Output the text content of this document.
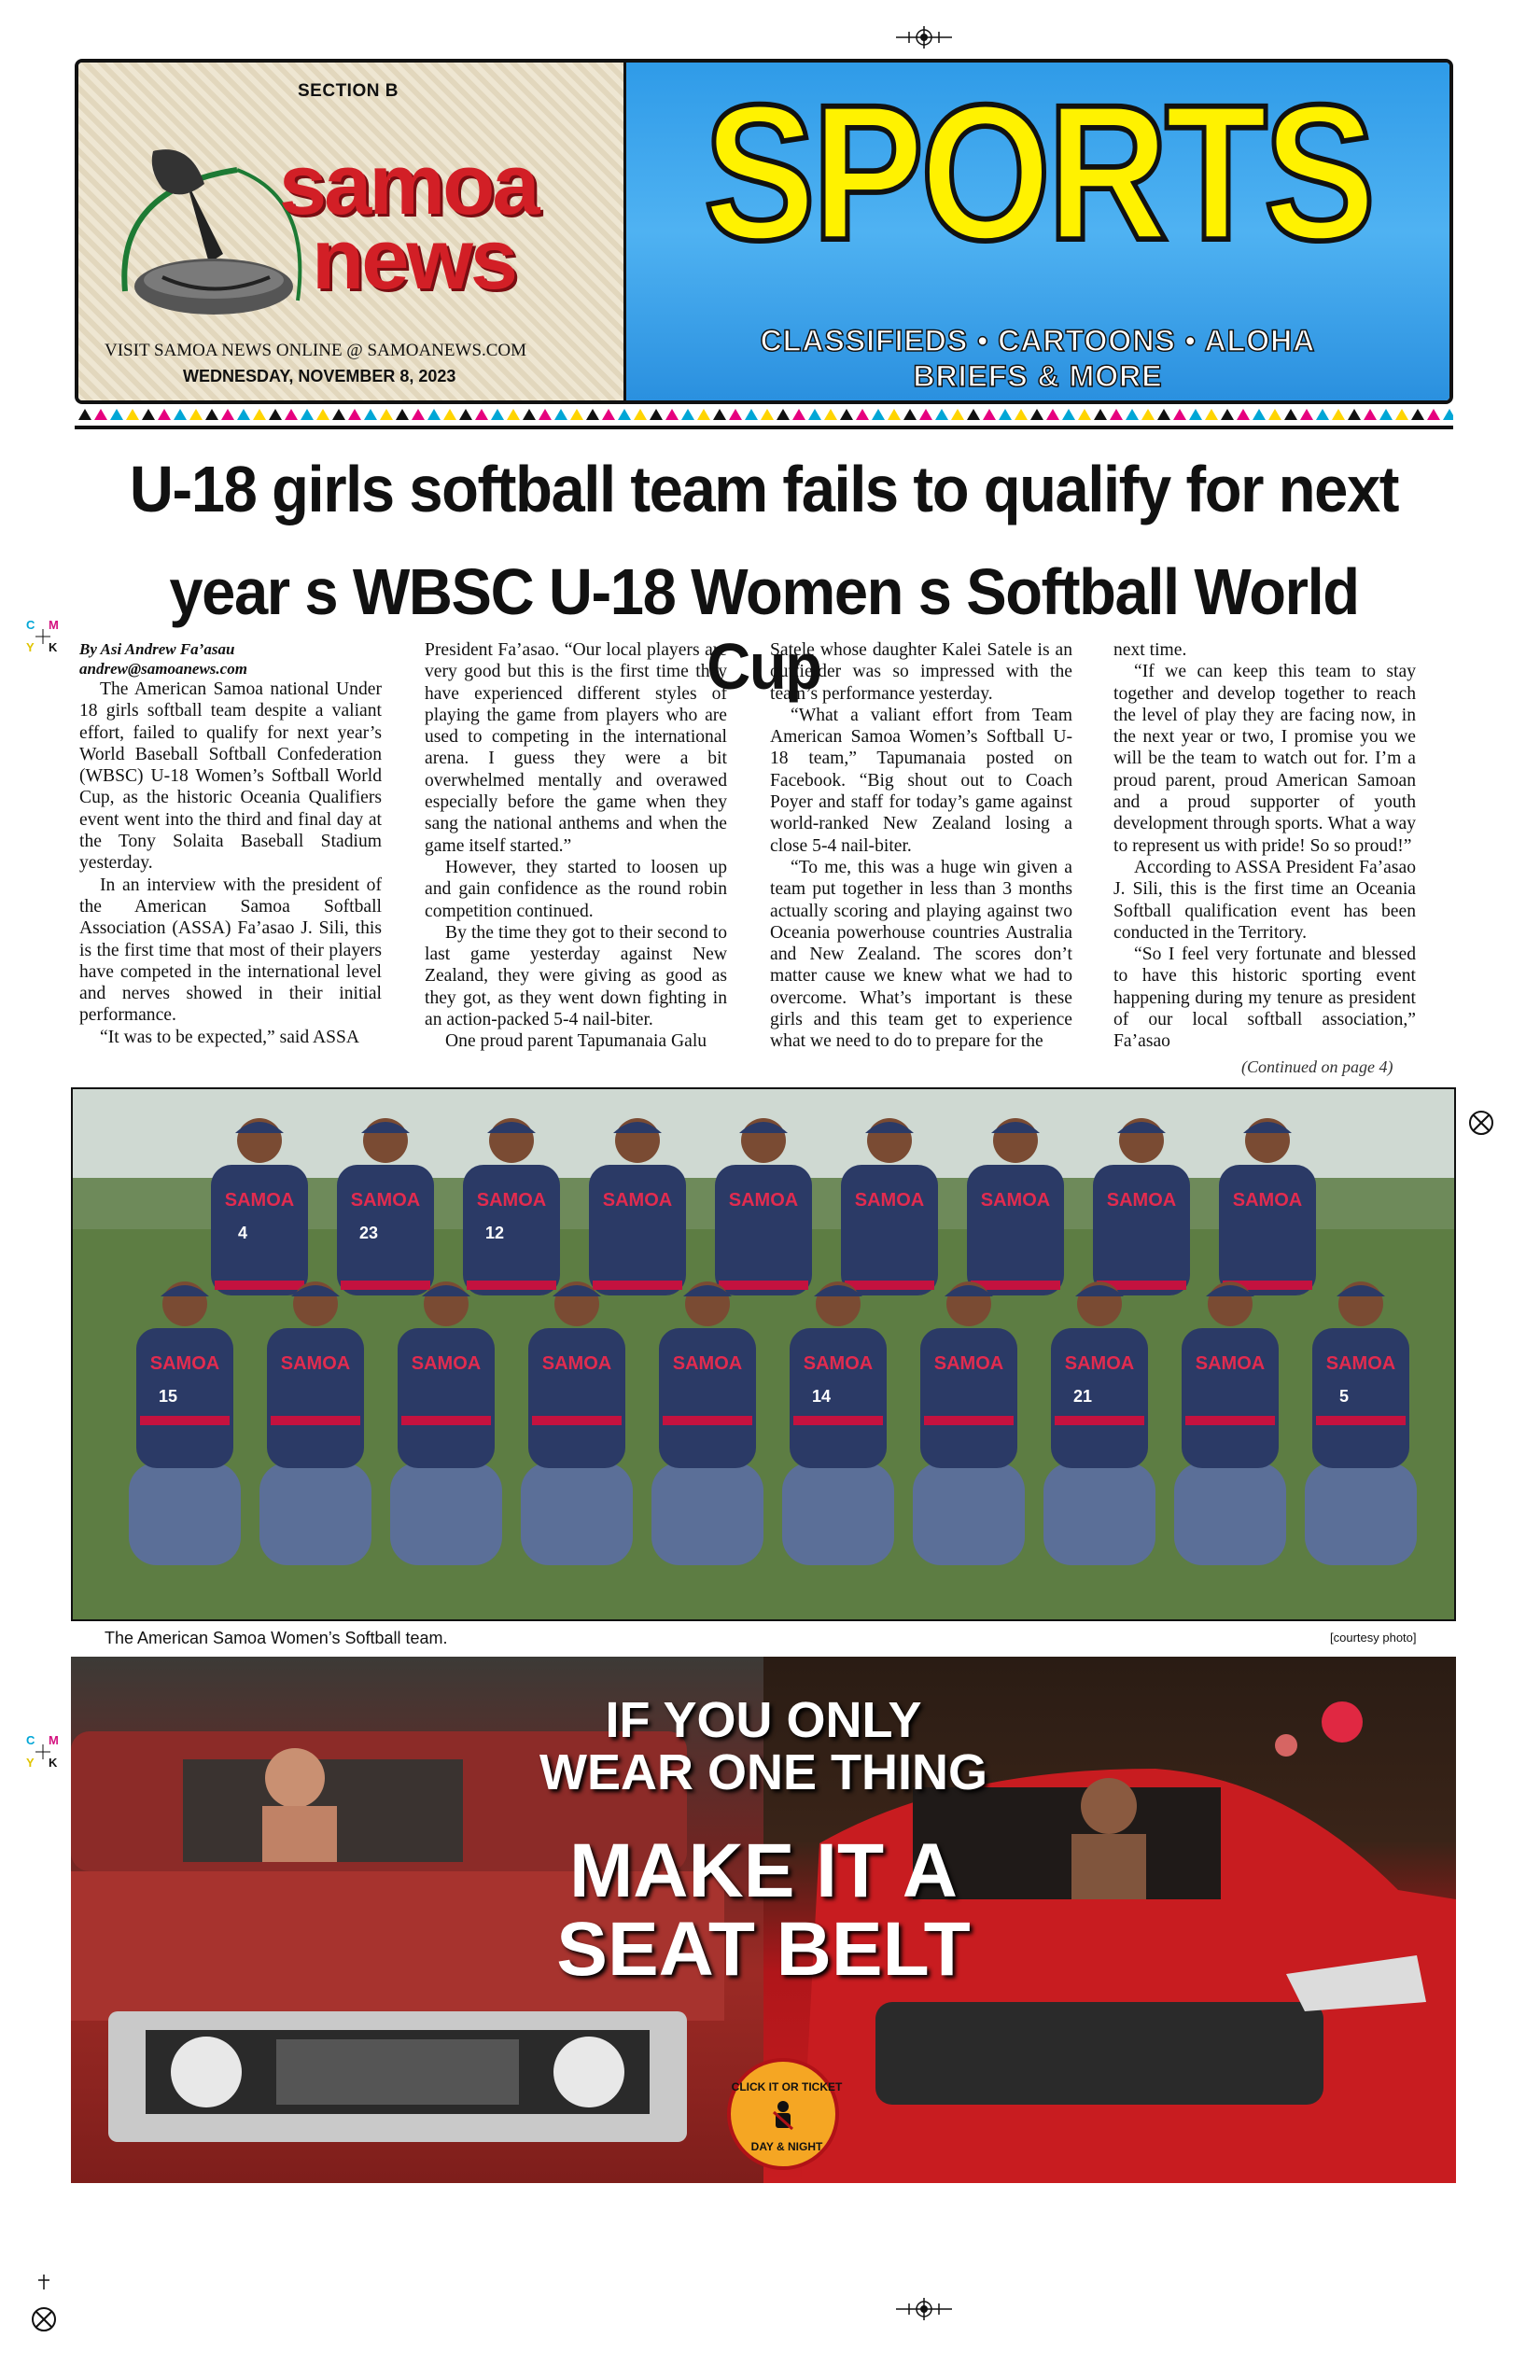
C M
Y K
C M
Y K
SECTION B
samoa
news
VISIT SAMOA NEWS ONLINE @ SAMOANEWS.COM
WEDNESDAY, NOVEMBER 8, 2023
SPORTS
CLASSIFIEDS • CARTOONS • ALOHA
BRIEFS & MORE
U-18 girls softball team fails to qualify for next
year s WBSC U-18 Women s Softball World Cup

By Asi Andrew Fa’asau

andrew@samoanews.com

The American Samoa national Under 18 girls softball team despite a valiant effort, failed to qualify for next year’s World Baseball Softball Confederation (WBSC) U-18 Women’s Softball World Cup, as the historic Oceania Qualifiers event went into the third and final day at the Tony Solaita Baseball Stadium yesterday.

In an interview with the president of the American Samoa Softball Association (ASSA) Fa’asao J. Sili, this is the first time that most of their players have competed in the international level and nerves showed in their initial performance.

“It was to be expected,” said ASSA

President Fa’asao. “Our local players are very good but this is the first time they have experienced different styles of playing the game from players who are used to competing in the international arena. I guess they were a bit overwhelmed mentally and overawed especially before the game when they sang the national anthems and when the game itself started.”

However, they started to loosen up and gain confidence as the round robin competition continued.

By the time they got to their second to last game yesterday against New Zealand, they were giving as good as they got, as they went down fighting in an action-packed 5-4 nail-biter.

One proud parent Tapumanaia Galu

Satele whose daughter Kalei Satele is an outfielder was so impressed with the team’s performance yesterday.

“What a valiant effort from Team American Samoa Women’s Softball U-18 team,” Tapumanaia posted on Facebook. “Big shout out to Coach Poyer and staff for today’s game against world-ranked New Zealand losing a close 5-4 nail-biter.

“To me, this was a huge win given a team put together in less than 3 months actually scoring and playing against two Oceania powerhouse countries Australia and New Zealand. The scores don’t matter cause we knew what we had to overcome. What’s important is these girls and this team get to experience what we need to do to prepare for the

next time.

“If we can keep this team to stay together and develop together to reach the level of play they are facing now, in the next year or two, I promise you we will be the team to watch out for. I’m a proud parent, proud American Samoan and a proud supporter of youth development through sports. What a way to represent us with pride! So so proud!”

According to ASSA President Fa’asao J. Sili, this is the first time an Oceania Softball qualification event has been conducted in the Territory.

“So I feel very fortunate and blessed to have this historic sporting event happening during my tenure as president of our local softball association,” Fa’asao

(Continued on page 4)
SAMOA
4
SAMOA
23
SAMOA
12
SAMOA	SAMOA	SAMOA	SAMOA	SAMOA	SAMOA
SAMOA
15
SAMOA	SAMOA	SAMOA	SAMOA	SAMOA
14
SAMOA	SAMOA
21
SAMOA	SAMOA
5
The American Samoa Women’s Softball team.	[courtesy photo]
IF YOU ONLY
WEAR ONE THING
MAKE IT A
SEAT BELT
CLICK IT OR TICKET
DAY & NIGHT
